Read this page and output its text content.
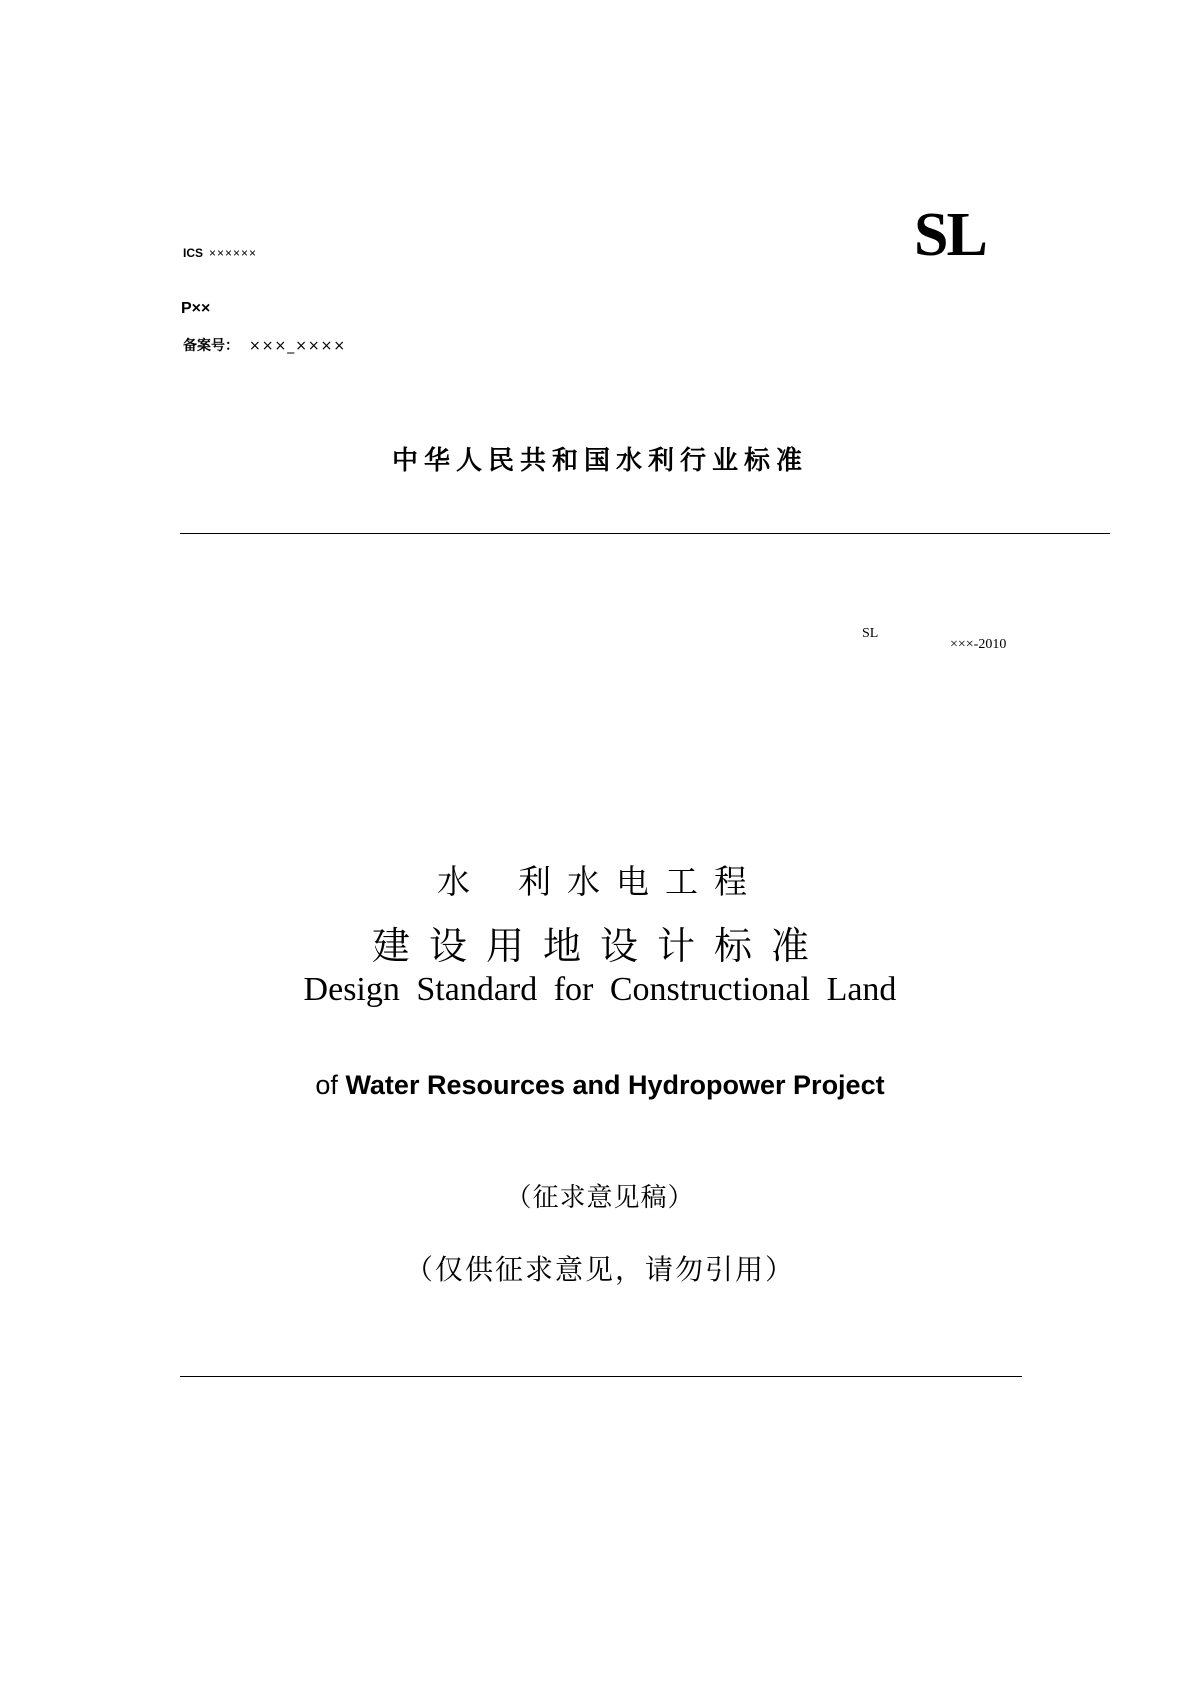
ICS ××××××	SL
P××
备案号： ×××_××××
中华人民共和国水利行业标准
SL
×××-2010
水 利水电工程
建设用地设计标准
Design Standard for Constructional Land
of Water Resources and Hydropower Project
（征求意见稿）
（仅供征求意见，请勿引用）
